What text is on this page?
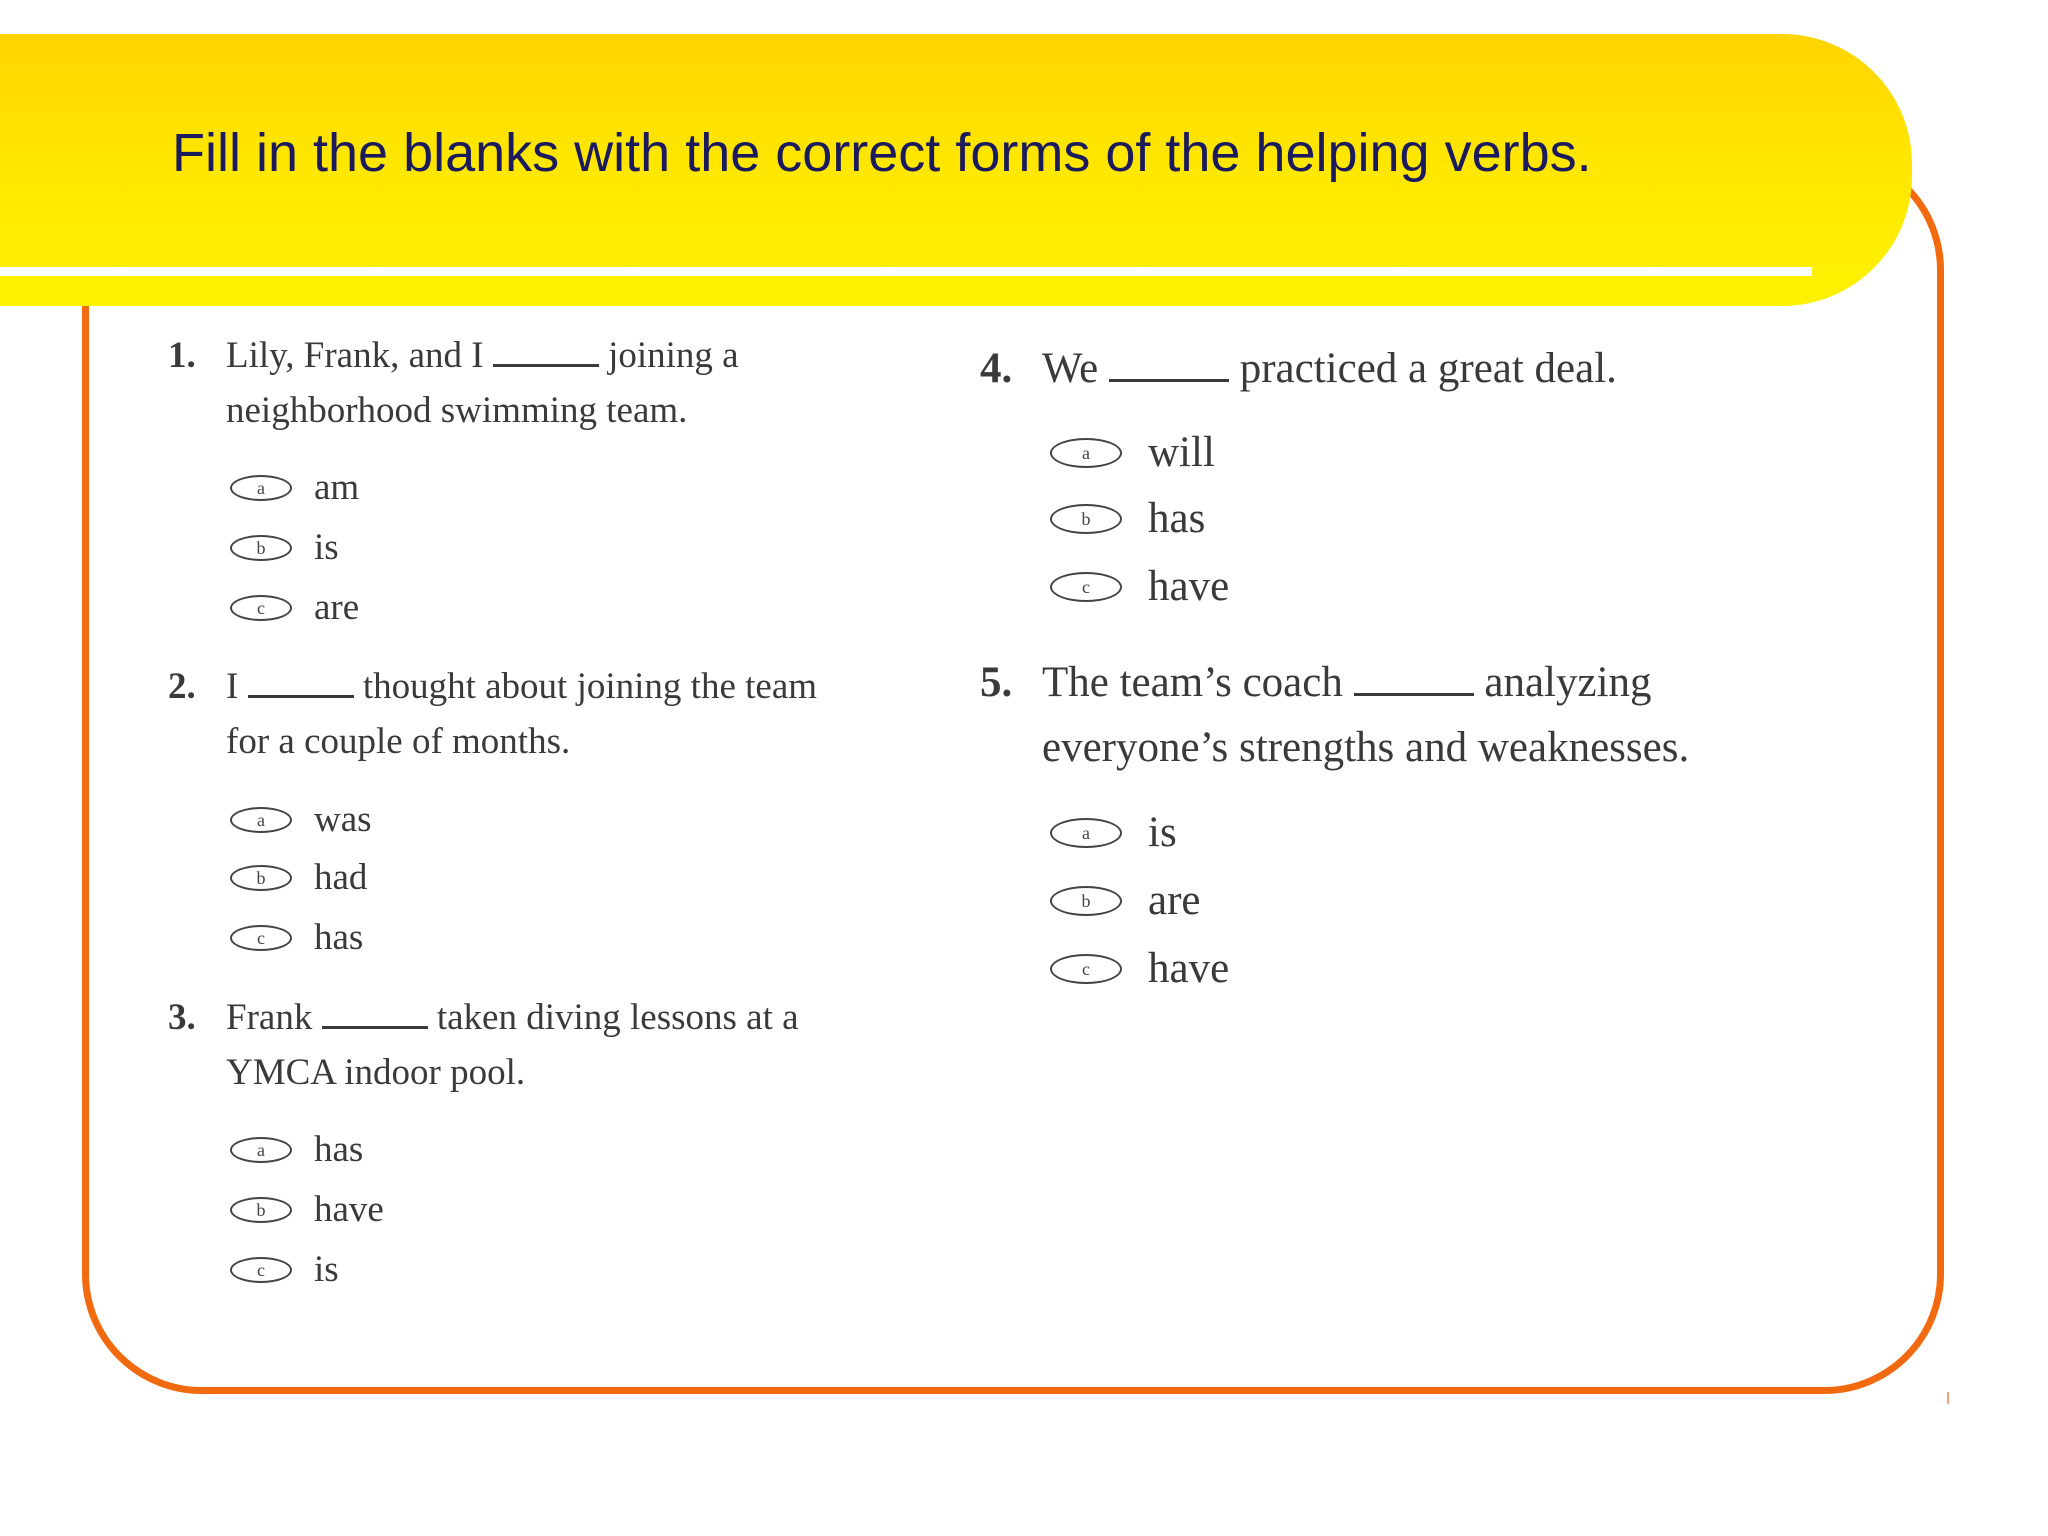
Fill in the blanks with the correct forms of the helping verbs.
1. Lily, Frank, and I	joining a
neighborhood swimming team.
a	am
b	is
c	are
2. I	thought about joining the team
for a couple of months.
a	was
b	had
c	has
3. Frank	taken diving lessons at a
YMCA indoor pool.
a	has
b	have
c	is
4. We	practiced a great deal.
a	will
b	has
c	have
5. The team’s coach	analyzing
everyone’s strengths and weaknesses.
a	is
b	are
c	have
